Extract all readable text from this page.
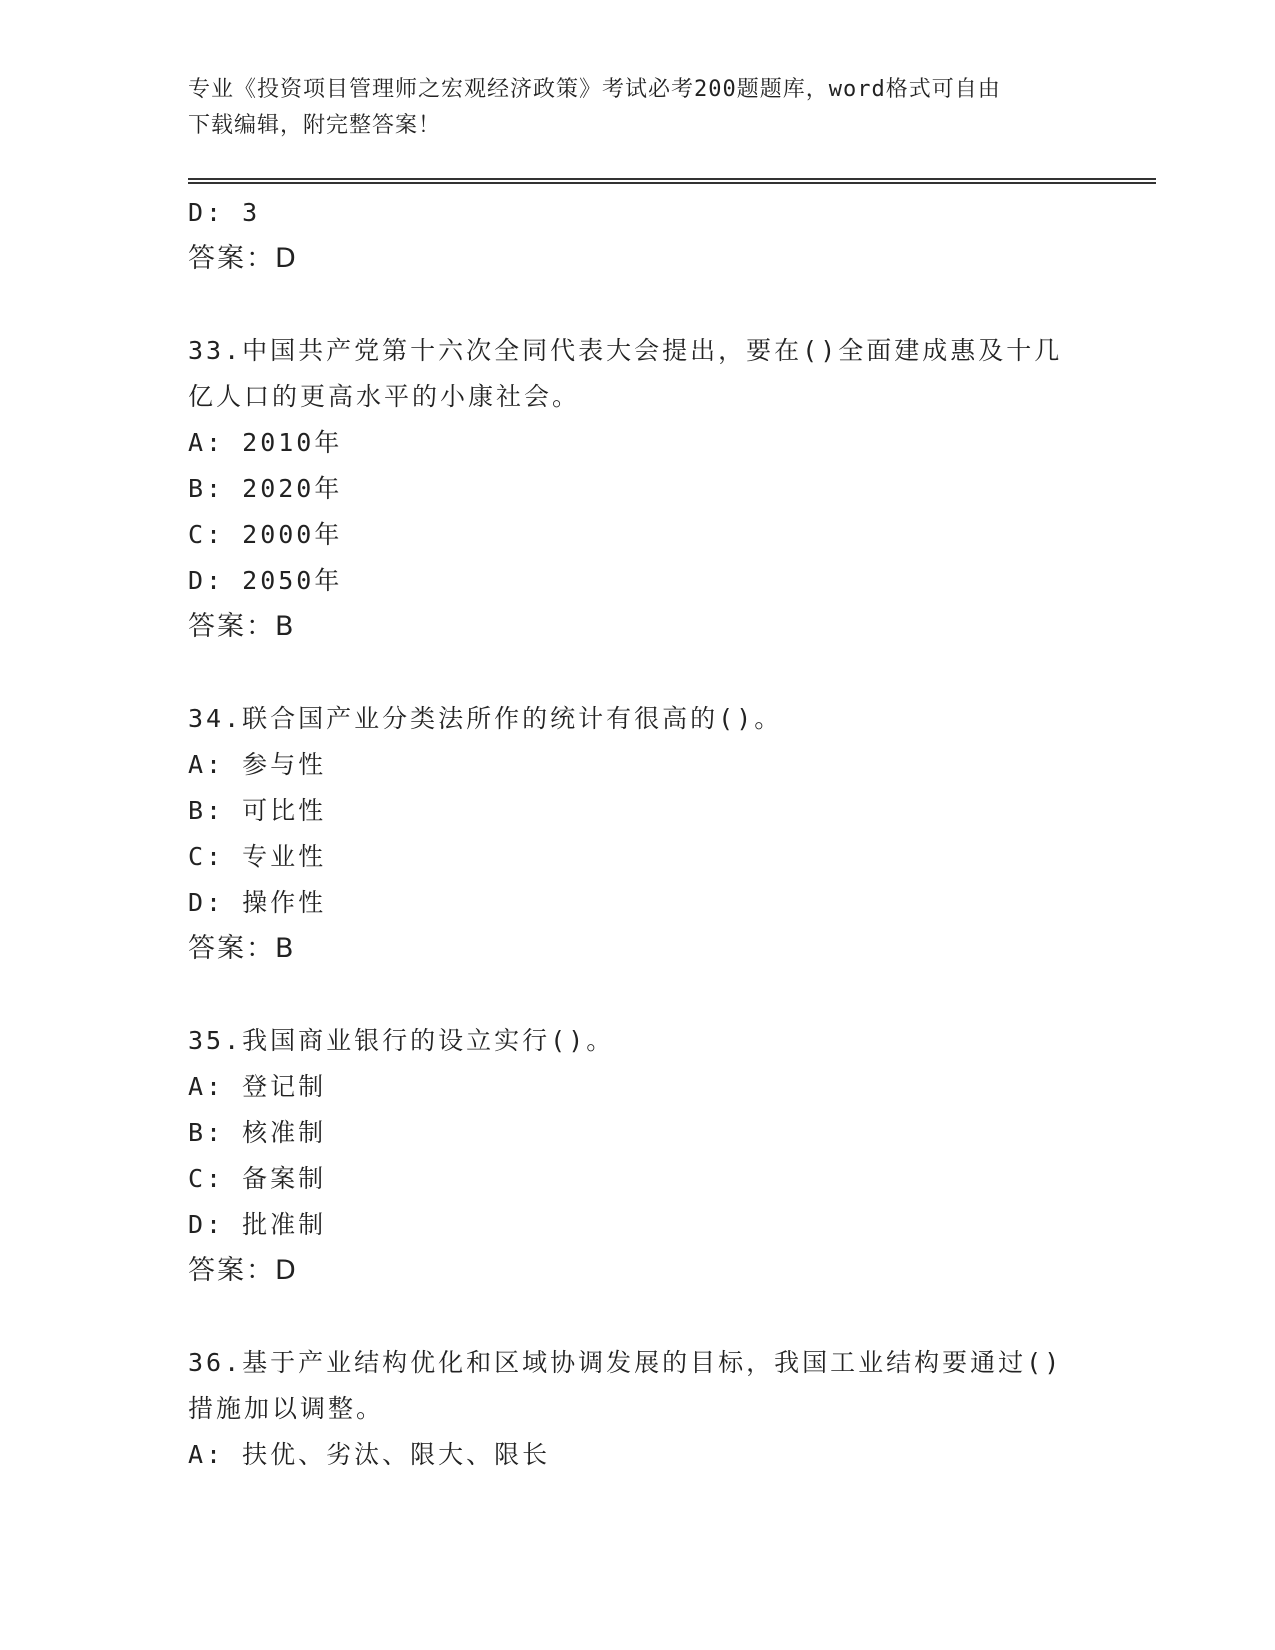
专业《投资项目管理师之宏观经济政策》考试必考200题题库，word格式可自由
下载编辑，附完整答案！
D: 3
答案：D
33.中国共产党第十六次全同代表大会提出，要在()全面建成惠及十几
亿人口的更高水平的小康社会。
A: 2010年
B: 2020年
C: 2000年
D: 2050年
答案：B
34.联合国产业分类法所作的统计有很高的()。
A: 参与性
B: 可比性
C: 专业性
D: 操作性
答案：B
35.我国商业银行的设立实行()。
A: 登记制
B: 核准制
C: 备案制
D: 批准制
答案：D
36.基于产业结构优化和区域协调发展的目标，我国工业结构要通过()
措施加以调整。
A: 扶优、劣汰、限大、限长
